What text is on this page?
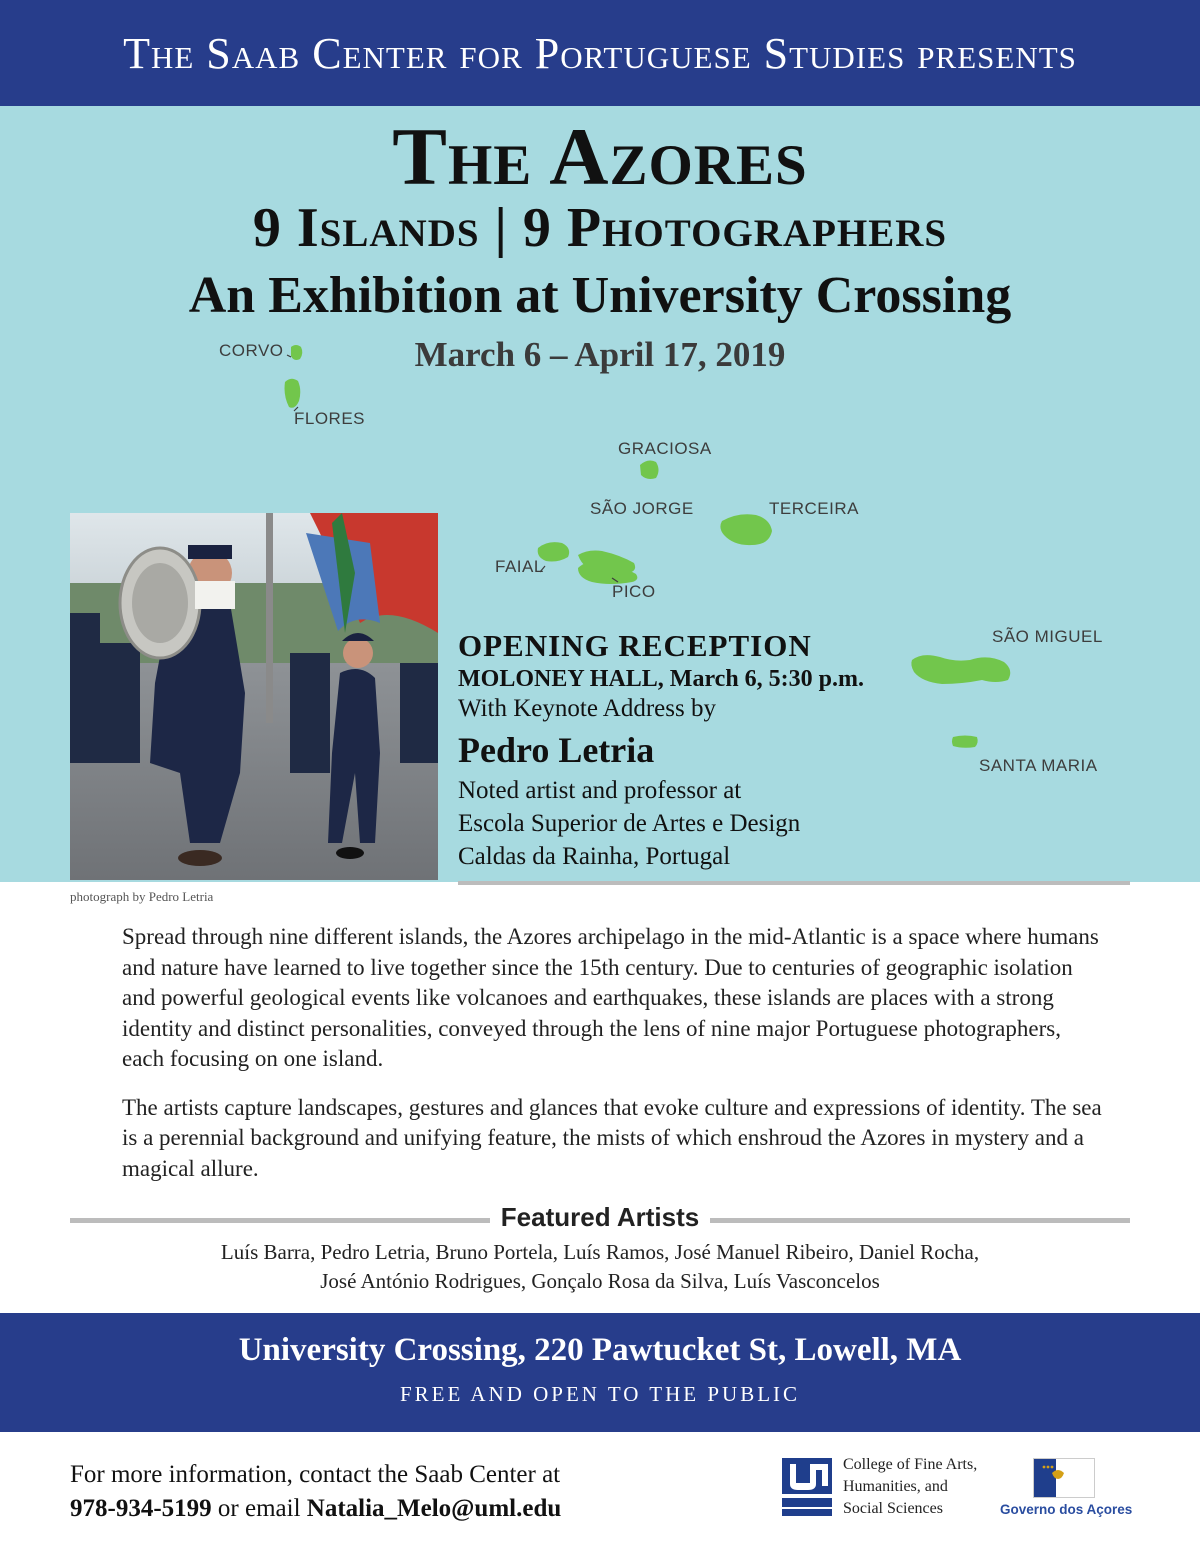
The Saab Center for Portuguese Studies presents
The Azores
9 Islands | 9 Photographers
An Exhibition at University Crossing
March 6 – April 17, 2019
CORVO
FLORES
GRACIOSA
SÃO JORGE	TERCEIRA
FAIAL
PICO
SÃO MIGUEL
SANTA MARIA
photograph by Pedro Letria
OPENING RECEPTION
MOLONEY HALL, March 6, 5:30 p.m.
With Keynote Address by
Pedro Letria
Noted artist and professor at
Escola Superior de Artes e Design
Caldas da Rainha, Portugal

Spread through nine different islands, the Azores archipelago in the mid-Atlantic is a space where humans and nature have learned to live together since the 15th century. Due to centuries of geographic isolation and powerful geological events like volcanoes and earthquakes, these islands are places with a strong identity and distinct personalities, conveyed through the lens of nine major Portuguese photographers, each focusing on one island.

The artists capture landscapes, gestures and glances that evoke culture and expressions of identity. The sea is a perennial background and unifying feature, the mists of which enshroud the Azores in mystery and a magical allure.

Featured Artists
Luís Barra, Pedro Letria, Bruno Portela, Luís Ramos, José Manuel Ribeiro, Daniel Rocha,
José António Rodrigues, Gonçalo Rosa da Silva, Luís Vasconcelos
University Crossing, 220 Pawtucket St, Lowell, MA
FREE AND OPEN TO THE PUBLIC
For more information, contact the Saab Center at
978-934-5199 or email Natalia_Melo@uml.edu
College of Fine Arts,
Humanities, and
Social Sciences	Governo dos Açores
